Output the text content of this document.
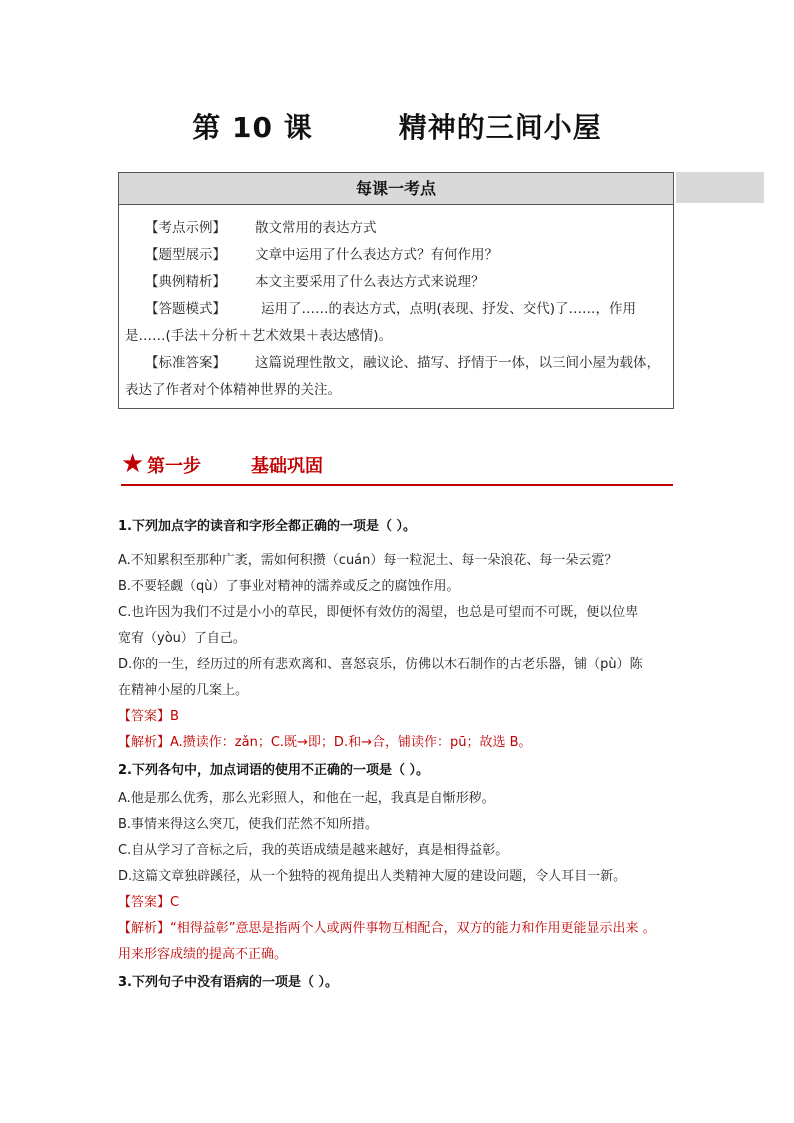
第 10 课        精神的三间小屋
每课一考点

【考点示例】 散文常用的表达方式

【题型展示】 文章中运用了什么表达方式？有何作用？

【典例精析】 本文主要采用了什么表达方式来说理？

【答题模式】	运用了……的表达方式，点明(表现、抒发、交代)了……，作用

是……(手法＋分析＋艺术效果＋表达感情)。

【标准答案】 这篇说理性散文，融议论、描写、抒情于一体，以三间小屋为载体，

表达了作者对个体精神世界的关注。

★ 第一步	基础巩固

1.下列加点字的读音和字形全都正确的一项是（ ）。

A.不知累积至那种广袤，需如何积攒（cuán）每一粒泥土、每一朵浪花、每一朵云霓？

B.不要轻觑（qù）了事业对精神的濡养或反之的腐蚀作用。

C.也许因为我们不过是小小的草民，即便怀有效仿的渴望，也总是可望而不可既，便以位卑

宽宥（yòu）了自己。

D.你的一生，经历过的所有悲欢离和、喜怒哀乐，仿佛以木石制作的古老乐器，铺（pù）陈

在精神小屋的几案上。

【答案】B

【解析】A.攒读作：zǎn；C.既→即；D.和→合，铺读作：pū；故选 B。

2.下列各句中，加点词语的使用不正确的一项是（ ）。

A.他是那么优秀，那么光彩照人，和他在一起，我真是自惭形秽。

B.事情来得这么突兀，使我们茫然不知所措。

C.自从学习了音标之后，我的英语成绩是越来越好，真是相得益彰。

D.这篇文章独辟蹊径，从一个独特的视角提出人类精神大厦的建设问题，令人耳目一新。

【答案】C

【解析】“相得益彰”意思是指两个人或两件事物互相配合，双方的能力和作用更能显示出来 。

用来形容成绩的提高不正确。

3.下列句子中没有语病的一项是（ ）。
